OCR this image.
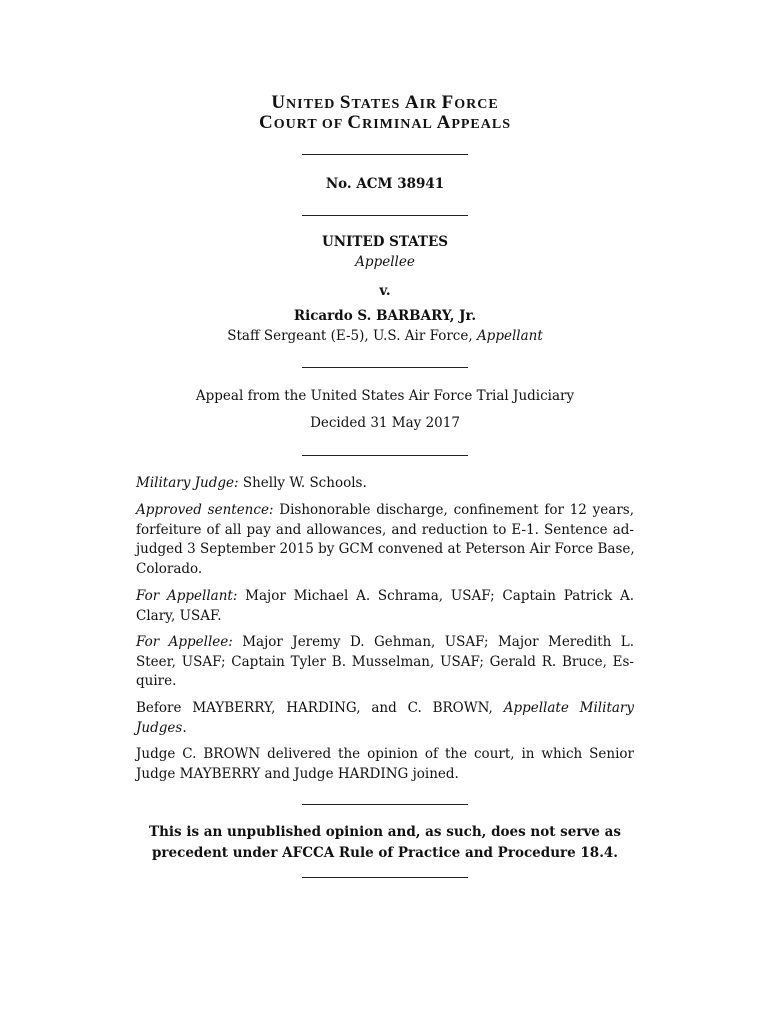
UNITED STATES AIR FORCE
COURT OF CRIMINAL APPEALS
No. ACM 38941
UNITED STATES
Appellee
v.
Ricardo S. BARBARY, Jr.
Staff Sergeant (E-5), U.S. Air Force, Appellant
Appeal from the United States Air Force Trial Judiciary
Decided 31 May 2017
Military Judge: Shelly W. Schools.
Approved sentence: Dishonorable discharge, confinement for 12 years,
forfeiture of all pay and allowances, and reduction to E-1. Sentence ad-
judged 3 September 2015 by GCM convened at Peterson Air Force Base,
Colorado.
For Appellant: Major Michael A. Schrama, USAF; Captain Patrick A.
Clary, USAF.
For Appellee: Major Jeremy D. Gehman, USAF; Major Meredith L.
Steer, USAF; Captain Tyler B. Musselman, USAF; Gerald R. Bruce, Es-
quire.
Before MAYBERRY, HARDING, and C. BROWN, Appellate Military
Judges.
Judge C. BROWN delivered the opinion of the court, in which Senior
Judge MAYBERRY and Judge HARDING joined.
This is an unpublished opinion and, as such, does not serve as
precedent under AFCCA Rule of Practice and Procedure 18.4.
